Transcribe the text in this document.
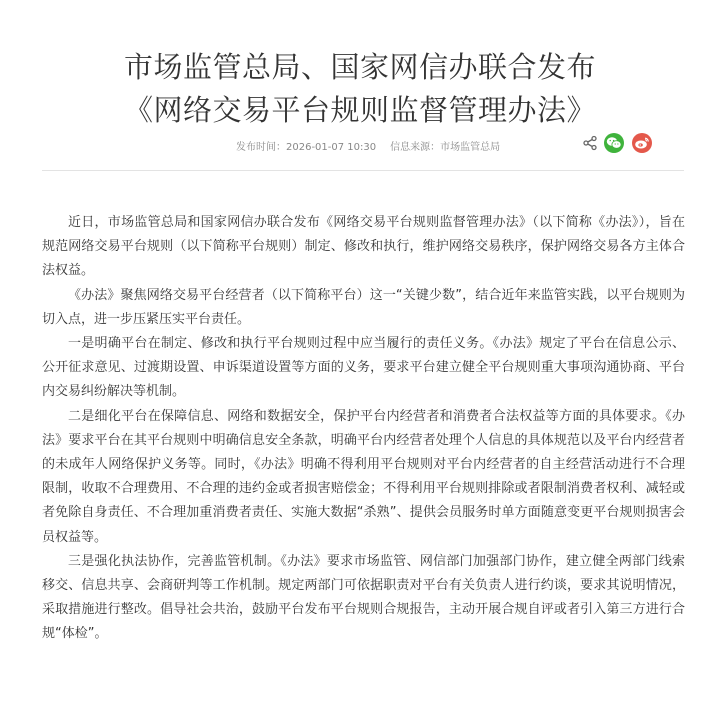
市场监管总局、国家网信办联合发布
《网络交易平台规则监督管理办法》
发布时间：2026-01-07 10:30 信息来源：市场监管总局

近日，市场监管总局和国家网信办联合发布《网络交易平台规则监督管理办法》（以下简称《办法》），旨在规范网络交易平台规则（以下简称平台规则）制定、修改和执行，维护网络交易秩序，保护网络交易各方主体合法权益。

《办法》聚焦网络交易平台经营者（以下简称平台）这一“关键少数”，结合近年来监管实践，以平台规则为切入点，进一步压紧压实平台责任。

一是明确平台在制定、修改和执行平台规则过程中应当履行的责任义务。《办法》规定了平台在信息公示、公开征求意见、过渡期设置、申诉渠道设置等方面的义务，要求平台建立健全平台规则重大事项沟通协商、平台内交易纠纷解决等机制。

二是细化平台在保障信息、网络和数据安全，保护平台内经营者和消费者合法权益等方面的具体要求。《办法》要求平台在其平台规则中明确信息安全条款，明确平台内经营者处理个人信息的具体规范以及平台内经营者的未成年人网络保护义务等。同时，《办法》明确不得利用平台规则对平台内经营者的自主经营活动进行不合理限制，收取不合理费用、不合理的违约金或者损害赔偿金；不得利用平台规则排除或者限制消费者权利、减轻或者免除自身责任、不合理加重消费者责任、实施大数据“杀熟”、提供会员服务时单方面随意变更平台规则损害会员权益等。

三是强化执法协作，完善监管机制。《办法》要求市场监管、网信部门加强部门协作，建立健全两部门线索移交、信息共享、会商研判等工作机制。规定两部门可依据职责对平台有关负责人进行约谈，要求其说明情况，采取措施进行整改。倡导社会共治，鼓励平台发布平台规则合规报告，主动开展合规自评或者引入第三方进行合规“体检”。
